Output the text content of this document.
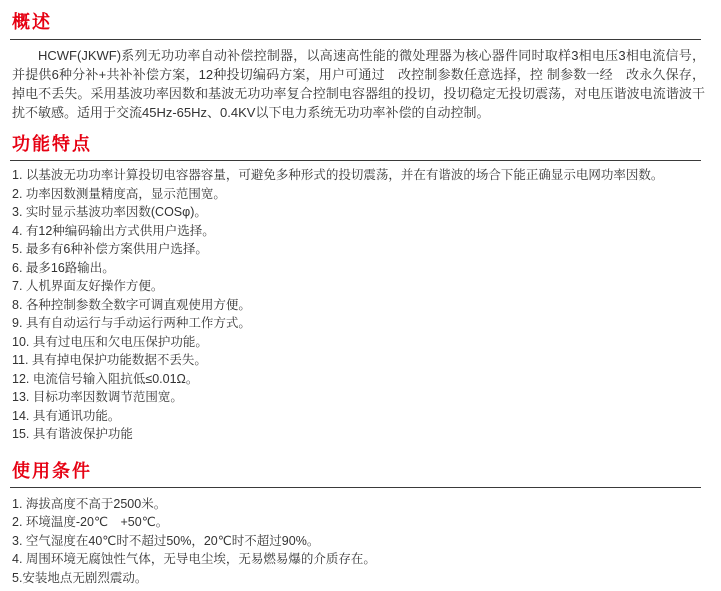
概述

HCWF(JKWF)系列无功功率自动补偿控制器，以高速高性能的微处理器为核心器件同时取样3相电压3相电流信号，并提供6种分补+共补补偿方案，12种投切编码方案，用户可通过　改控制参数任意选择，控 制参数一经　改永久保存，掉电不丢失。采用基波功率因数和基波无功功率复合控制电容器组的投切，投切稳定无投切震荡，对电压谐波电流谐波干扰不敏感。适用于交流45Hz-65Hz、0.4KV以下电力系统无功功率补偿的自动控制。

功能特点
1. 以基波无功功率计算投切电容器容量，可避免多种形式的投切震荡，并在有谐波的场合下能正确显示电网功率因数。
2. 功率因数测量精度高，显示范围宽。
3. 实时显示基波功率因数(COSφ)。
4. 有12种编码输出方式供用户选择。
5. 最多有6种补偿方案供用户选择。
6. 最多16路输出。
7. 人机界面友好操作方便。
8. 各种控制参数全数字可调直观使用方便。
9. 具有自动运行与手动运行两种工作方式。
10. 具有过电压和欠电压保护功能。
11. 具有掉电保护功能数据不丢失。
12. 电流信号输入阻抗低≤0.01Ω。
13. 目标功率因数调节范围宽。
14. 具有通讯功能。
15. 具有谐波保护功能
使用条件
1. 海拔高度不高于2500米。
2. 环境温度-20℃　+50℃。
3. 空气湿度在40℃时不超过50%，20℃时不超过90%。
4. 周围环境无腐蚀性气体，无导电尘埃，无易燃易爆的介质存在。
5.安装地点无剧烈震动。
